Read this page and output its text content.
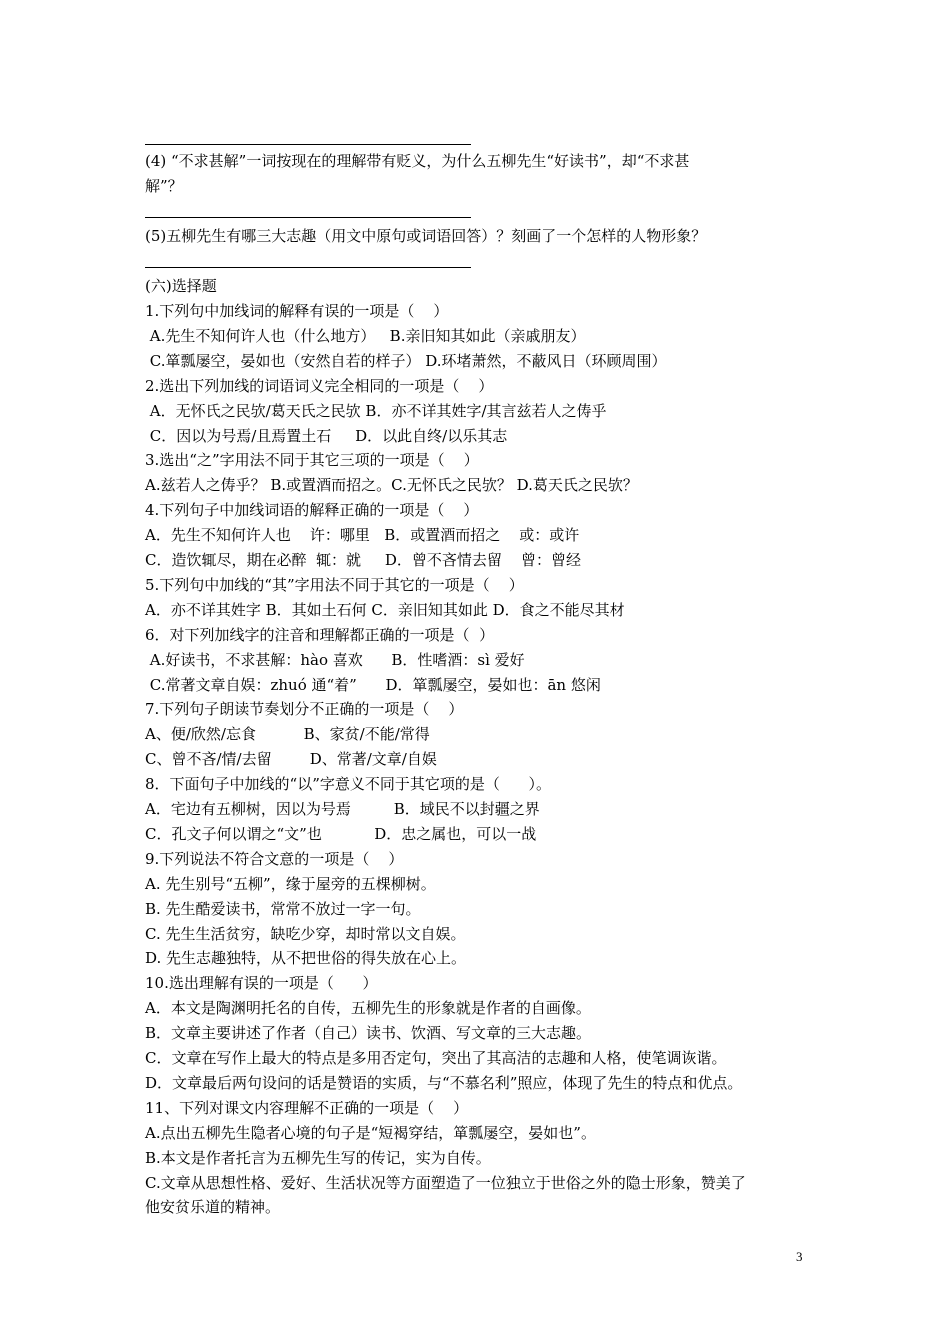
(4) “不求甚解”一词按现在的理解带有贬义，为什么五柳先生“好读书”，却“不求甚
解”？
(5)五柳先生有哪三大志趣（用文中原句或词语回答）？刻画了一个怎样的人物形象？
(六)选择题
1.下列句中加线词的解释有误的一项是（    ）
A.先生不知何许人也（什么地方）   B.亲旧知其如此（亲戚朋友）
C.箪瓢屡空，晏如也（安然自若的样子） D.环堵萧然，不蔽风日（环顾周围）
2.选出下列加线的词语词义完全相同的一项是（    ）
A．无怀氏之民欤/葛天氏之民欤 B．亦不详其姓字/其言兹若人之俦乎
C．因以为号焉/且焉置土石     D．以此自终/以乐其志
3.选出“之”字用法不同于其它三项的一项是（    ）
A.兹若人之俦乎？ B.或置酒而招之。C.无怀氏之民欤？ D.葛天氏之民欤？
4.下列句子中加线词语的解释正确的一项是（    ）
A．先生不知何许人也    许：哪里   B．或置酒而招之    或：或许
C．造饮辄尽，期在必醉  辄：就     D．曾不吝情去留    曾：曾经
5.下列句中加线的“其”字用法不同于其它的一项是（    ）
A．亦不详其姓字 B．其如土石何 C．亲旧知其如此 D．食之不能尽其材
6．对下列加线字的注音和理解都正确的一项是（  ）
A.好读书，不求甚解：hào 喜欢      B．性嗜酒：sì 爱好
C.常著文章自娱：zhuó 通“着”      D．箪瓢屡空，晏如也：ān 悠闲
7.下列句子朗读节奏划分不正确的一项是（    ）
A、便/欣然/忘食          B、家贫/不能/常得
C、曾不吝/情/去留        D、常著/文章/自娱
8．下面句子中加线的“以”字意义不同于其它项的是（      ）。
A．宅边有五柳树，因以为号焉         B．域民不以封疆之界
C．孔文子何以谓之“文”也           D．忠之属也，可以一战
9.下列说法不符合文意的一项是（    ）
A. 先生别号“五柳”，缘于屋旁的五棵柳树。
B. 先生酷爱读书，常常不放过一字一句。
C. 先生生活贫穷，缺吃少穿，却时常以文自娱。
D. 先生志趣独特，从不把世俗的得失放在心上。
10.选出理解有误的一项是（      ）
A．本文是陶渊明托名的自传，五柳先生的形象就是作者的自画像。
B．文章主要讲述了作者（自己）读书、饮酒、写文章的三大志趣。
C．文章在写作上最大的特点是多用否定句，突出了其高洁的志趣和人格，使笔调诙谐。
D．文章最后两句设问的话是赞语的实质，与“不慕名利”照应，体现了先生的特点和优点。
11、下列对课文内容理解不正确的一项是（    ）
A.点出五柳先生隐者心境的句子是“短褐穿结，箪瓢屡空，晏如也”。
B.本文是作者托言为五柳先生写的传记，实为自传。
C.文章从思想性格、爱好、生活状况等方面塑造了一位独立于世俗之外的隐士形象，赞美了
他安贫乐道的精神。
3
